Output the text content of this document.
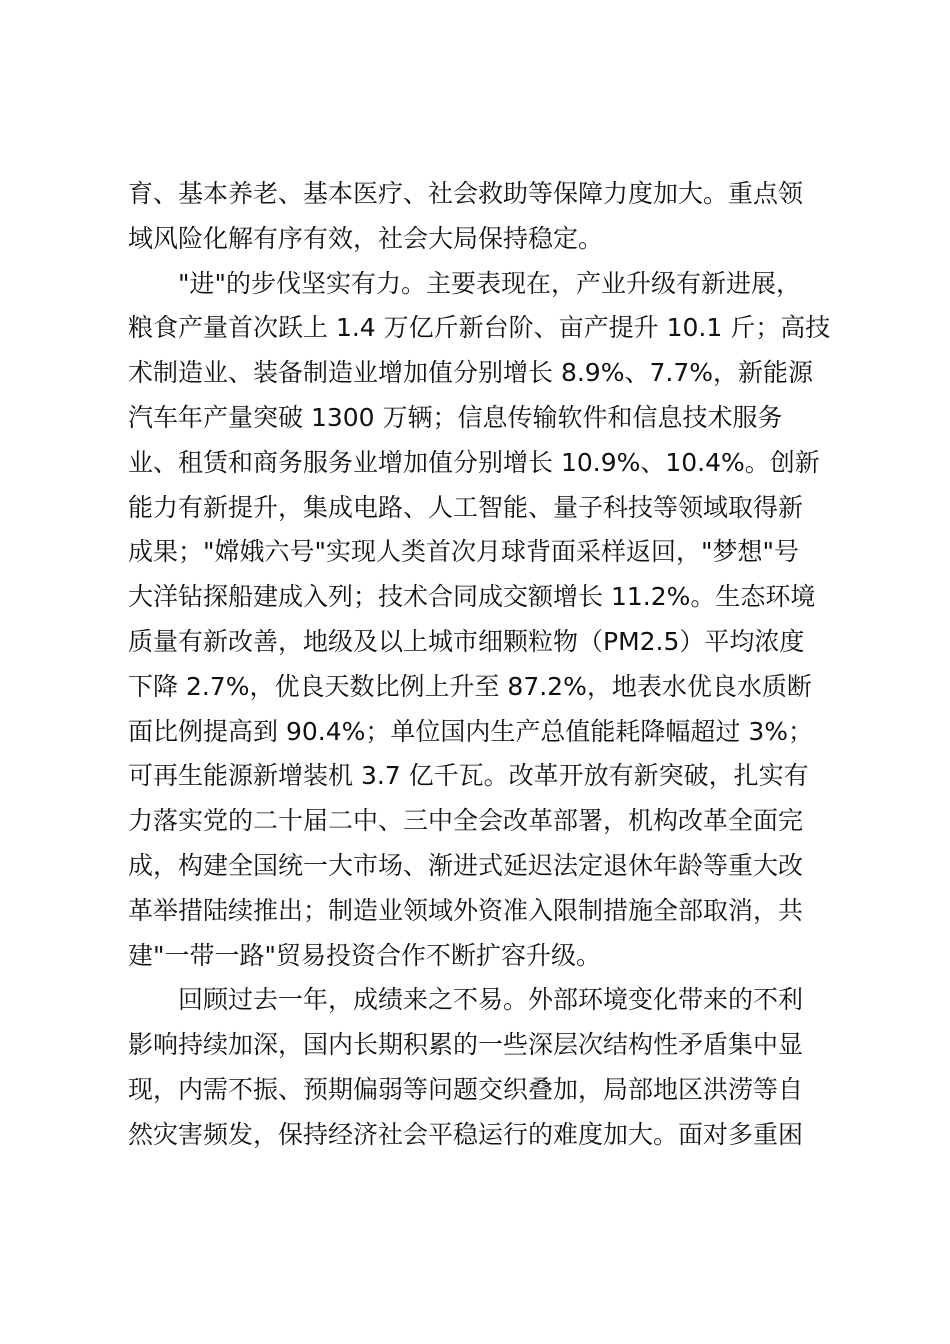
育、基本养老、基本医疗、社会救助等保障力度加大。重点领
域风险化解有序有效，社会大局保持稳定。
　　"进"的步伐坚实有力。主要表现在，产业升级有新进展，
粮食产量首次跃上 1.4 万亿斤新台阶、亩产提升 10.1 斤；高技
术制造业、装备制造业增加值分别增长 8.9%、7.7%，新能源
汽车年产量突破 1300 万辆；信息传输软件和信息技术服务
业、租赁和商务服务业增加值分别增长 10.9%、10.4%。创新
能力有新提升，集成电路、人工智能、量子科技等领域取得新
成果；"嫦娥六号"实现人类首次月球背面采样返回，"梦想"号
大洋钻探船建成入列；技术合同成交额增长 11.2%。生态环境
质量有新改善，地级及以上城市细颗粒物（PM2.5）平均浓度
下降 2.7%，优良天数比例上升至 87.2%，地表水优良水质断
面比例提高到 90.4%；单位国内生产总值能耗降幅超过 3%；
可再生能源新增装机 3.7 亿千瓦。改革开放有新突破，扎实有
力落实党的二十届二中、三中全会改革部署，机构改革全面完
成，构建全国统一大市场、渐进式延迟法定退休年龄等重大改
革举措陆续推出；制造业领域外资准入限制措施全部取消，共
建"一带一路"贸易投资合作不断扩容升级。
　　回顾过去一年，成绩来之不易。外部环境变化带来的不利
影响持续加深，国内长期积累的一些深层次结构性矛盾集中显
现，内需不振、预期偏弱等问题交织叠加，局部地区洪涝等自
然灾害频发，保持经济社会平稳运行的难度加大。面对多重困
